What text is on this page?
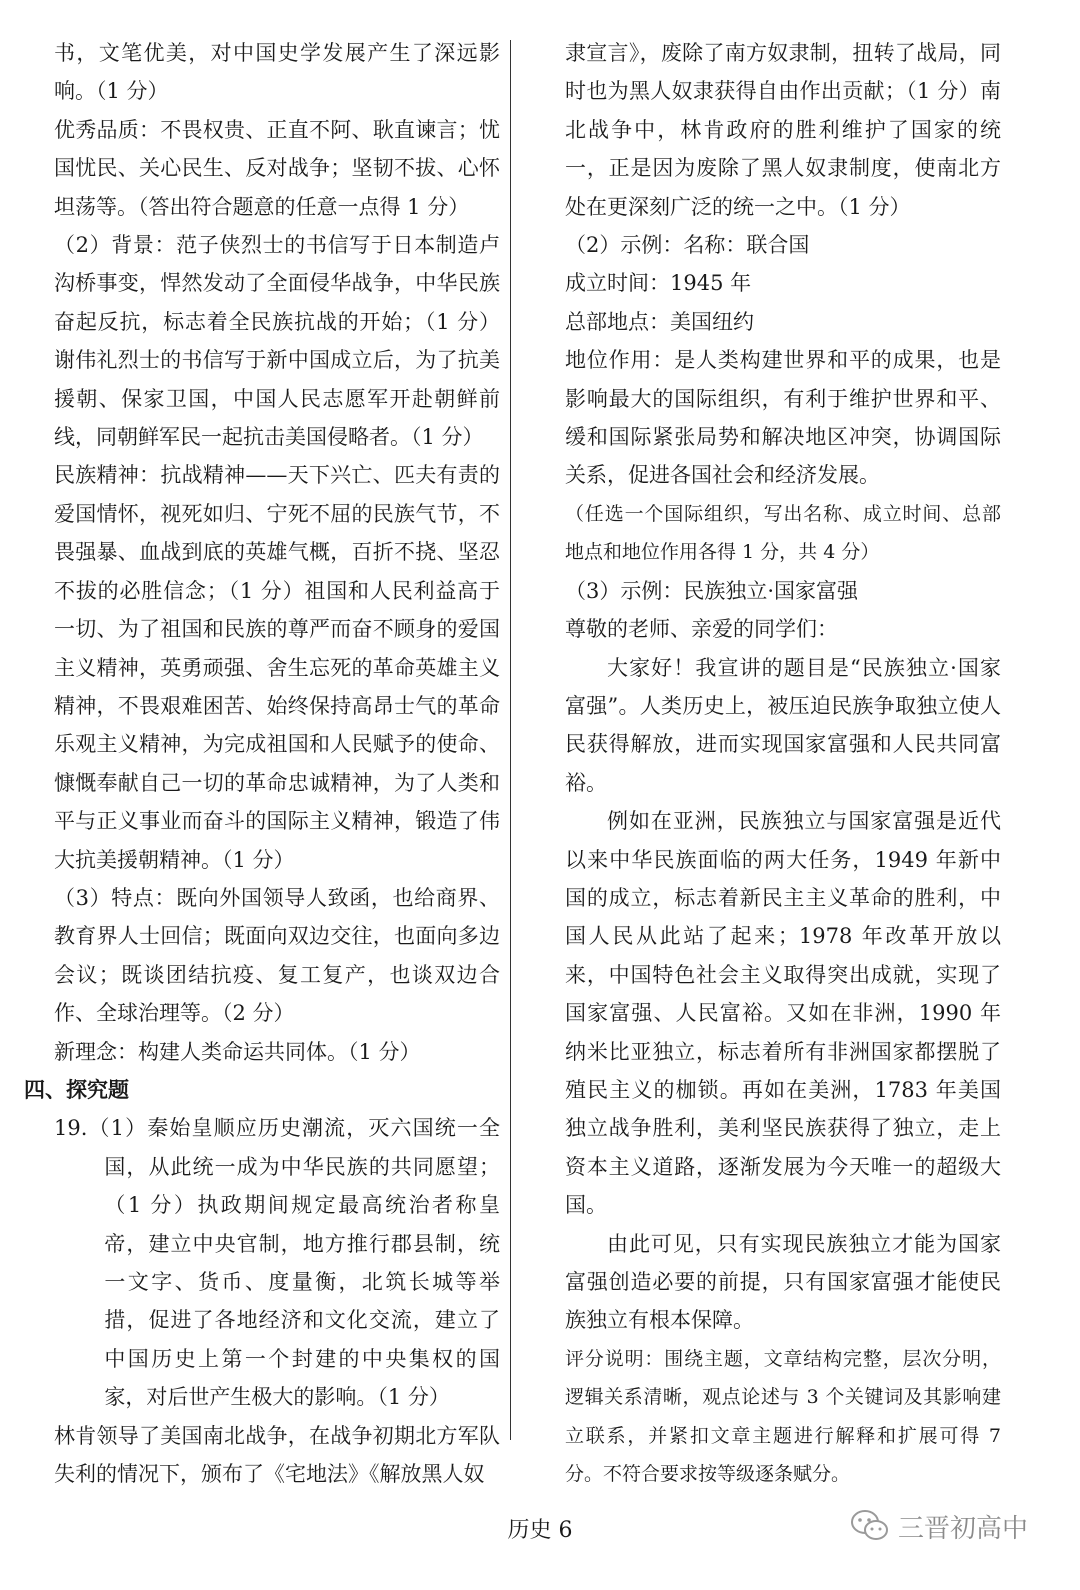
书，文笔优美，对中国史学发展产生了深远影响。（1 分）

优秀品质：不畏权贵、正直不阿、耿直谏言；忧国忧民、关心民生、反对战争；坚韧不拔、心怀坦荡等。（答出符合题意的任意一点得 1 分）

（2）背景：范子侠烈士的书信写于日本制造卢沟桥事变，悍然发动了全面侵华战争，中华民族奋起反抗，标志着全民族抗战的开始；（1 分）谢伟礼烈士的书信写于新中国成立后，为了抗美援朝、保家卫国，中国人民志愿军开赴朝鲜前线，同朝鲜军民一起抗击美国侵略者。（1 分）

民族精神：抗战精神——天下兴亡、匹夫有责的爱国情怀，视死如归、宁死不屈的民族气节，不畏强暴、血战到底的英雄气概，百折不挠、坚忍不拔的必胜信念；（1 分）祖国和人民利益高于一切、为了祖国和民族的尊严而奋不顾身的爱国主义精神，英勇顽强、舍生忘死的革命英雄主义精神，不畏艰难困苦、始终保持高昂士气的革命乐观主义精神，为完成祖国和人民赋予的使命、慷慨奉献自己一切的革命忠诚精神，为了人类和平与正义事业而奋斗的国际主义精神，锻造了伟大抗美援朝精神。（1 分）

（3）特点：既向外国领导人致函，也给商界、教育界人士回信；既面向双边交往，也面向多边会议；既谈团结抗疫、复工复产，也谈双边合作、全球治理等。（2 分）

新理念：构建人类命运共同体。（1 分）

四、探究题

19.（1）秦始皇顺应历史潮流，灭六国统一全国，从此统一成为中华民族的共同愿望；（1 分）执政期间规定最高统治者称皇帝，建立中央官制，地方推行郡县制，统一文字、货币、度量衡，北筑长城等举措，促进了各地经济和文化交流，建立了中国历史上第一个封建的中央集权的国家，对后世产生极大的影响。（1 分）

林肯领导了美国南北战争，在战争初期北方军队失利的情况下，颁布了《宅地法》《解放黑人奴

隶宣言》，废除了南方奴隶制，扭转了战局，同时也为黑人奴隶获得自由作出贡献；（1 分）南北战争中，林肯政府的胜利维护了国家的统一，正是因为废除了黑人奴隶制度，使南北方处在更深刻广泛的统一之中。（1 分）

（2）示例：名称：联合国

成立时间：1945 年

总部地点：美国纽约

地位作用：是人类构建世界和平的成果，也是影响最大的国际组织，有利于维护世界和平、缓和国际紧张局势和解决地区冲突，协调国际关系，促进各国社会和经济发展。

（任选一个国际组织，写出名称、成立时间、总部地点和地位作用各得 1 分，共 4 分）

（3）示例：民族独立·国家富强

尊敬的老师、亲爱的同学们：

大家好！我宣讲的题目是“民族独立·国家富强”。人类历史上，被压迫民族争取独立使人民获得解放，进而实现国家富强和人民共同富裕。

例如在亚洲，民族独立与国家富强是近代以来中华民族面临的两大任务，1949 年新中国的成立，标志着新民主主义革命的胜利，中国人民从此站了起来；1978 年改革开放以来，中国特色社会主义取得突出成就，实现了国家富强、人民富裕。又如在非洲，1990 年纳米比亚独立，标志着所有非洲国家都摆脱了殖民主义的枷锁。再如在美洲，1783 年美国独立战争胜利，美利坚民族获得了独立，走上资本主义道路，逐渐发展为今天唯一的超级大国。

由此可见，只有实现民族独立才能为国家富强创造必要的前提，只有国家富强才能使民族独立有根本保障。

评分说明：围绕主题，文章结构完整，层次分明，逻辑关系清晰，观点论述与 3 个关键词及其影响建立联系，并紧扣文章主题进行解释和扩展可得 7 分。不符合要求按等级逐条赋分。

历史 6	三晋初高中
